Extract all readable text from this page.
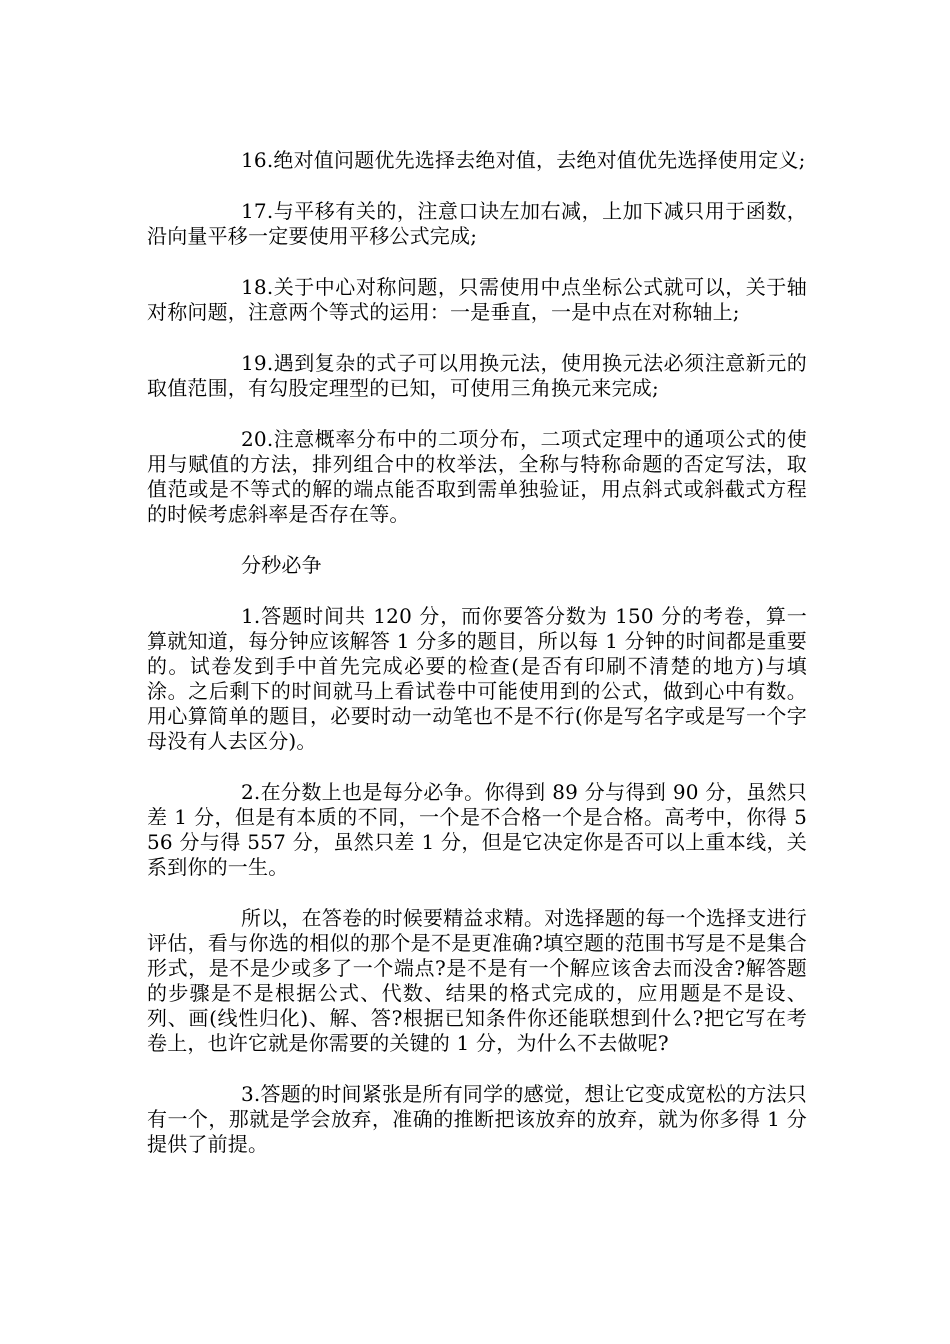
16.绝对值问题优先选择去绝对值，去绝对值优先选择使用定义;

17.与平移有关的，注意口诀左加右减，上加下减只用于函数，沿向量平移一定要使用平移公式完成;

18.关于中心对称问题，只需使用中点坐标公式就可以，关于轴对称问题，注意两个等式的运用：一是垂直，一是中点在对称轴上;

19.遇到复杂的式子可以用换元法，使用换元法必须注意新元的取值范围，有勾股定理型的已知，可使用三角换元来完成;

20.注意概率分布中的二项分布，二项式定理中的通项公式的使用与赋值的方法，排列组合中的枚举法，全称与特称命题的否定写法，取值范或是不等式的解的端点能否取到需单独验证，用点斜式或斜截式方程的时候考虑斜率是否存在等。

分秒必争

1.答题时间共 120 分，而你要答分数为 150 分的考卷，算一算就知道，每分钟应该解答 1 分多的题目，所以每 1 分钟的时间都是重要的。试卷发到手中首先完成必要的检查(是否有印刷不清楚的地方)与填涂。之后剩下的时间就马上看试卷中可能使用到的公式，做到心中有数。用心算简单的题目，必要时动一动笔也不是不行(你是写名字或是写一个字母没有人去区分)。

2.在分数上也是每分必争。你得到 89 分与得到 90 分，虽然只差 1 分，但是有本质的不同，一个是不合格一个是合格。高考中，你得 556 分与得 557 分，虽然只差 1 分，但是它决定你是否可以上重本线，关系到你的一生。

所以，在答卷的时候要精益求精。对选择题的每一个选择支进行评估，看与你选的相似的那个是不是更准确?填空题的范围书写是不是集合形式，是不是少或多了一个端点?是不是有一个解应该舍去而没舍?解答题的步骤是不是根据公式、代数、结果的格式完成的，应用题是不是设、列、画(线性归化)、解、答?根据已知条件你还能联想到什么?把它写在考卷上，也许它就是你需要的关键的 1 分，为什么不去做呢?

3.答题的时间紧张是所有同学的感觉，想让它变成宽松的方法只有一个，那就是学会放弃，准确的推断把该放弃的放弃，就为你多得 1 分提供了前提。
